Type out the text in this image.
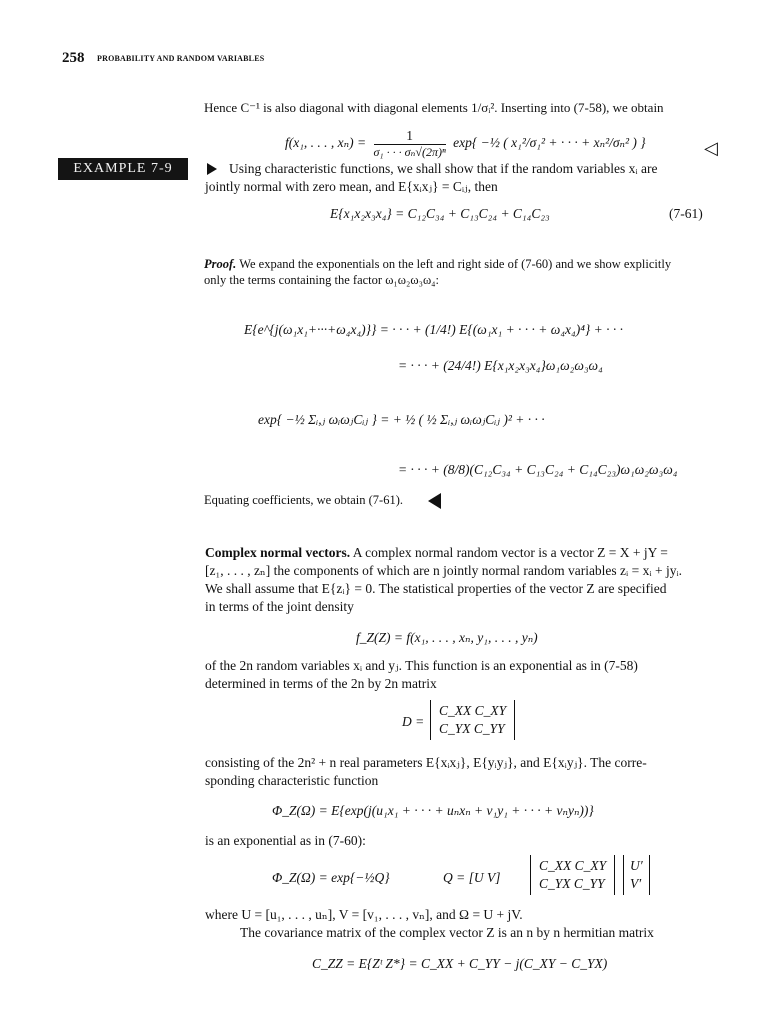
258 PROBABILITY AND RANDOM VARIABLES
Hence C⁻¹ is also diagonal with diagonal elements 1/σᵢ². Inserting into (7-58), we obtain
f(x₁, . . . , $x_n) = \frac{1}{\text{σ₁ · · · σₙ√(2π)ⁿ}} \exp${ −½ ( x₁²/σ₁² + · · · + xₙ²/σₙ² ) }	◁
EXAMPLE 7-9	Using characteristic functions, we shall show that if the random variables xᵢ are
jointly normal with zero mean, and E{xᵢxⱼ} = Cᵢⱼ, then
E{x₁x₂x₃x₄} = C₁₂C₃₄ + C₁₃C₂₄ + C₁₄C₂₃	(7-61)
Proof. We expand the exponentials on the left and right side of (7-60) and we show explicitly
only the terms containing the factor ω₁ω₂ω₃ω₄:
E{e^{j(ω₁x₁+···+ω₄x₄)}} = · · · + (1/4!) E{(ω₁x₁ + · · · + ω₄x₄)⁴} + · · ·
= · · · + (24/4!) E{x₁x₂x₃x₄}ω₁ω₂ω₃ω₄
exp{ −½ Σᵢ,ⱼ ωᵢωⱼCᵢⱼ } = + ½ ( ½ Σᵢ,ⱼ ωᵢωⱼCᵢⱼ )² + · · ·
= · · · + (8/8)(C₁₂C₃₄ + C₁₃C₂₄ + C₁₄C₂₃)ω₁ω₂ω₃ω₄
Equating coefficients, we obtain (7-61).
Complex normal vectors. A complex normal random vector is a vector Z = X + jY =
[z₁, . . . , zₙ] the components of which are n jointly normal random variables zᵢ = xᵢ + jyᵢ.
We shall assume that E{zᵢ} = 0. The statistical properties of the vector Z are specified
in terms of the joint density
f_Z(Z) = f(x₁, . . . , xₙ, y₁, . . . , yₙ)
of the 2n random variables xᵢ and yⱼ. This function is an exponential as in (7-58)
determined in terms of the 2n by 2n matrix
D =
C_XX C_XY
C_YX C_YY
consisting of the 2n² + n real parameters E{xᵢxⱼ}, E{yᵢyⱼ}, and E{xᵢyⱼ}. The corre-
sponding characteristic function
Φ_Z(Ω) = E{exp(j(u₁x₁ + · · · + uₙxₙ + v₁y₁ + · · · + vₙyₙ))}
is an exponential as in (7-60):
Φ_Z(Ω) = exp{−½Q}	Q = [U V]
C_XX C_XY
C_YX C_YY
U′
V′
where U = [u₁, . . . , uₙ], V = [v₁, . . . , vₙ], and Ω = U + jV.
The covariance matrix of the complex vector Z is an n by n hermitian matrix
C_ZZ = E{Zᵗ Z*} = C_XX + C_YY − j(C_XY − C_YX)
